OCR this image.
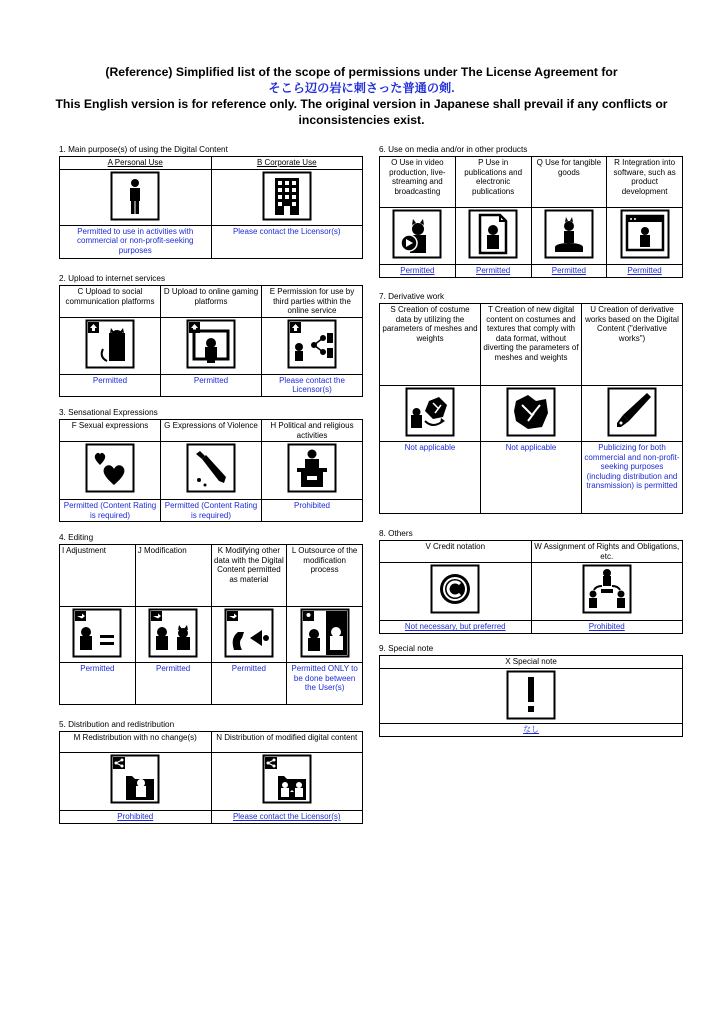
(Reference) Simplified list of the scope of permissions under The License Agreement for
そこら辺の岩に刺さった普通の剣.
This English version is for reference only. The original version in Japanese shall prevail if any conflicts or
inconsistencies exist.
1. Main purpose(s) of using the Digital Content
A Personal Use	B Corporate Use

Permitted to use in activities with commercial or non-profit-seeking purposes	Please contact the Licensor(s)
2. Upload to internet services
C Upload to social communication platforms	D Upload to online gaming platforms	E Permission for use by third parties within the online service

Permitted	Permitted	Please contact the Licensor(s)
3. Sensational Expressions
F Sexual expressions	G Expressions of Violence	H Political and religious activities

Permitted (Content Rating is required)	Permitted (Content Rating is required)	Prohibited
4. Editing
I Adjustment	J Modification	K Modifying other data with the Digital Content permitted as material	L Outsource of the modification process

Permitted	Permitted	Permitted	Permitted ONLY to be done between the User(s)
5. Distribution and redistribution
M Redistribution with no change(s)	N Distribution of modified digital content

Prohibited	Please contact the Licensor(s)
6. Use on media and/or in other products
O Use in video production, live-streaming and broadcasting	P Use in publications and electronic publications	Q Use for tangible goods	R Integration into software, such as product development

Permitted	Permitted	Permitted	Permitted
7. Derivative work
S Creation of costume data by utilizing the parameters of meshes and weights	T Creation of new digital content on costumes and textures that comply with data format, without diverting the parameters of meshes and weights	U Creation of derivative works based on the Digital Content ("derivative works")

Not applicable	Not applicable	Publicizing for both commercial and non-profit-seeking purposes (including distribution and transmission) is permitted
8. Others
V Credit notation	W Assignment of Rights and Obligations, etc.

Not necessary, but preferred	Prohibited
9. Special note
X Special note

なし
